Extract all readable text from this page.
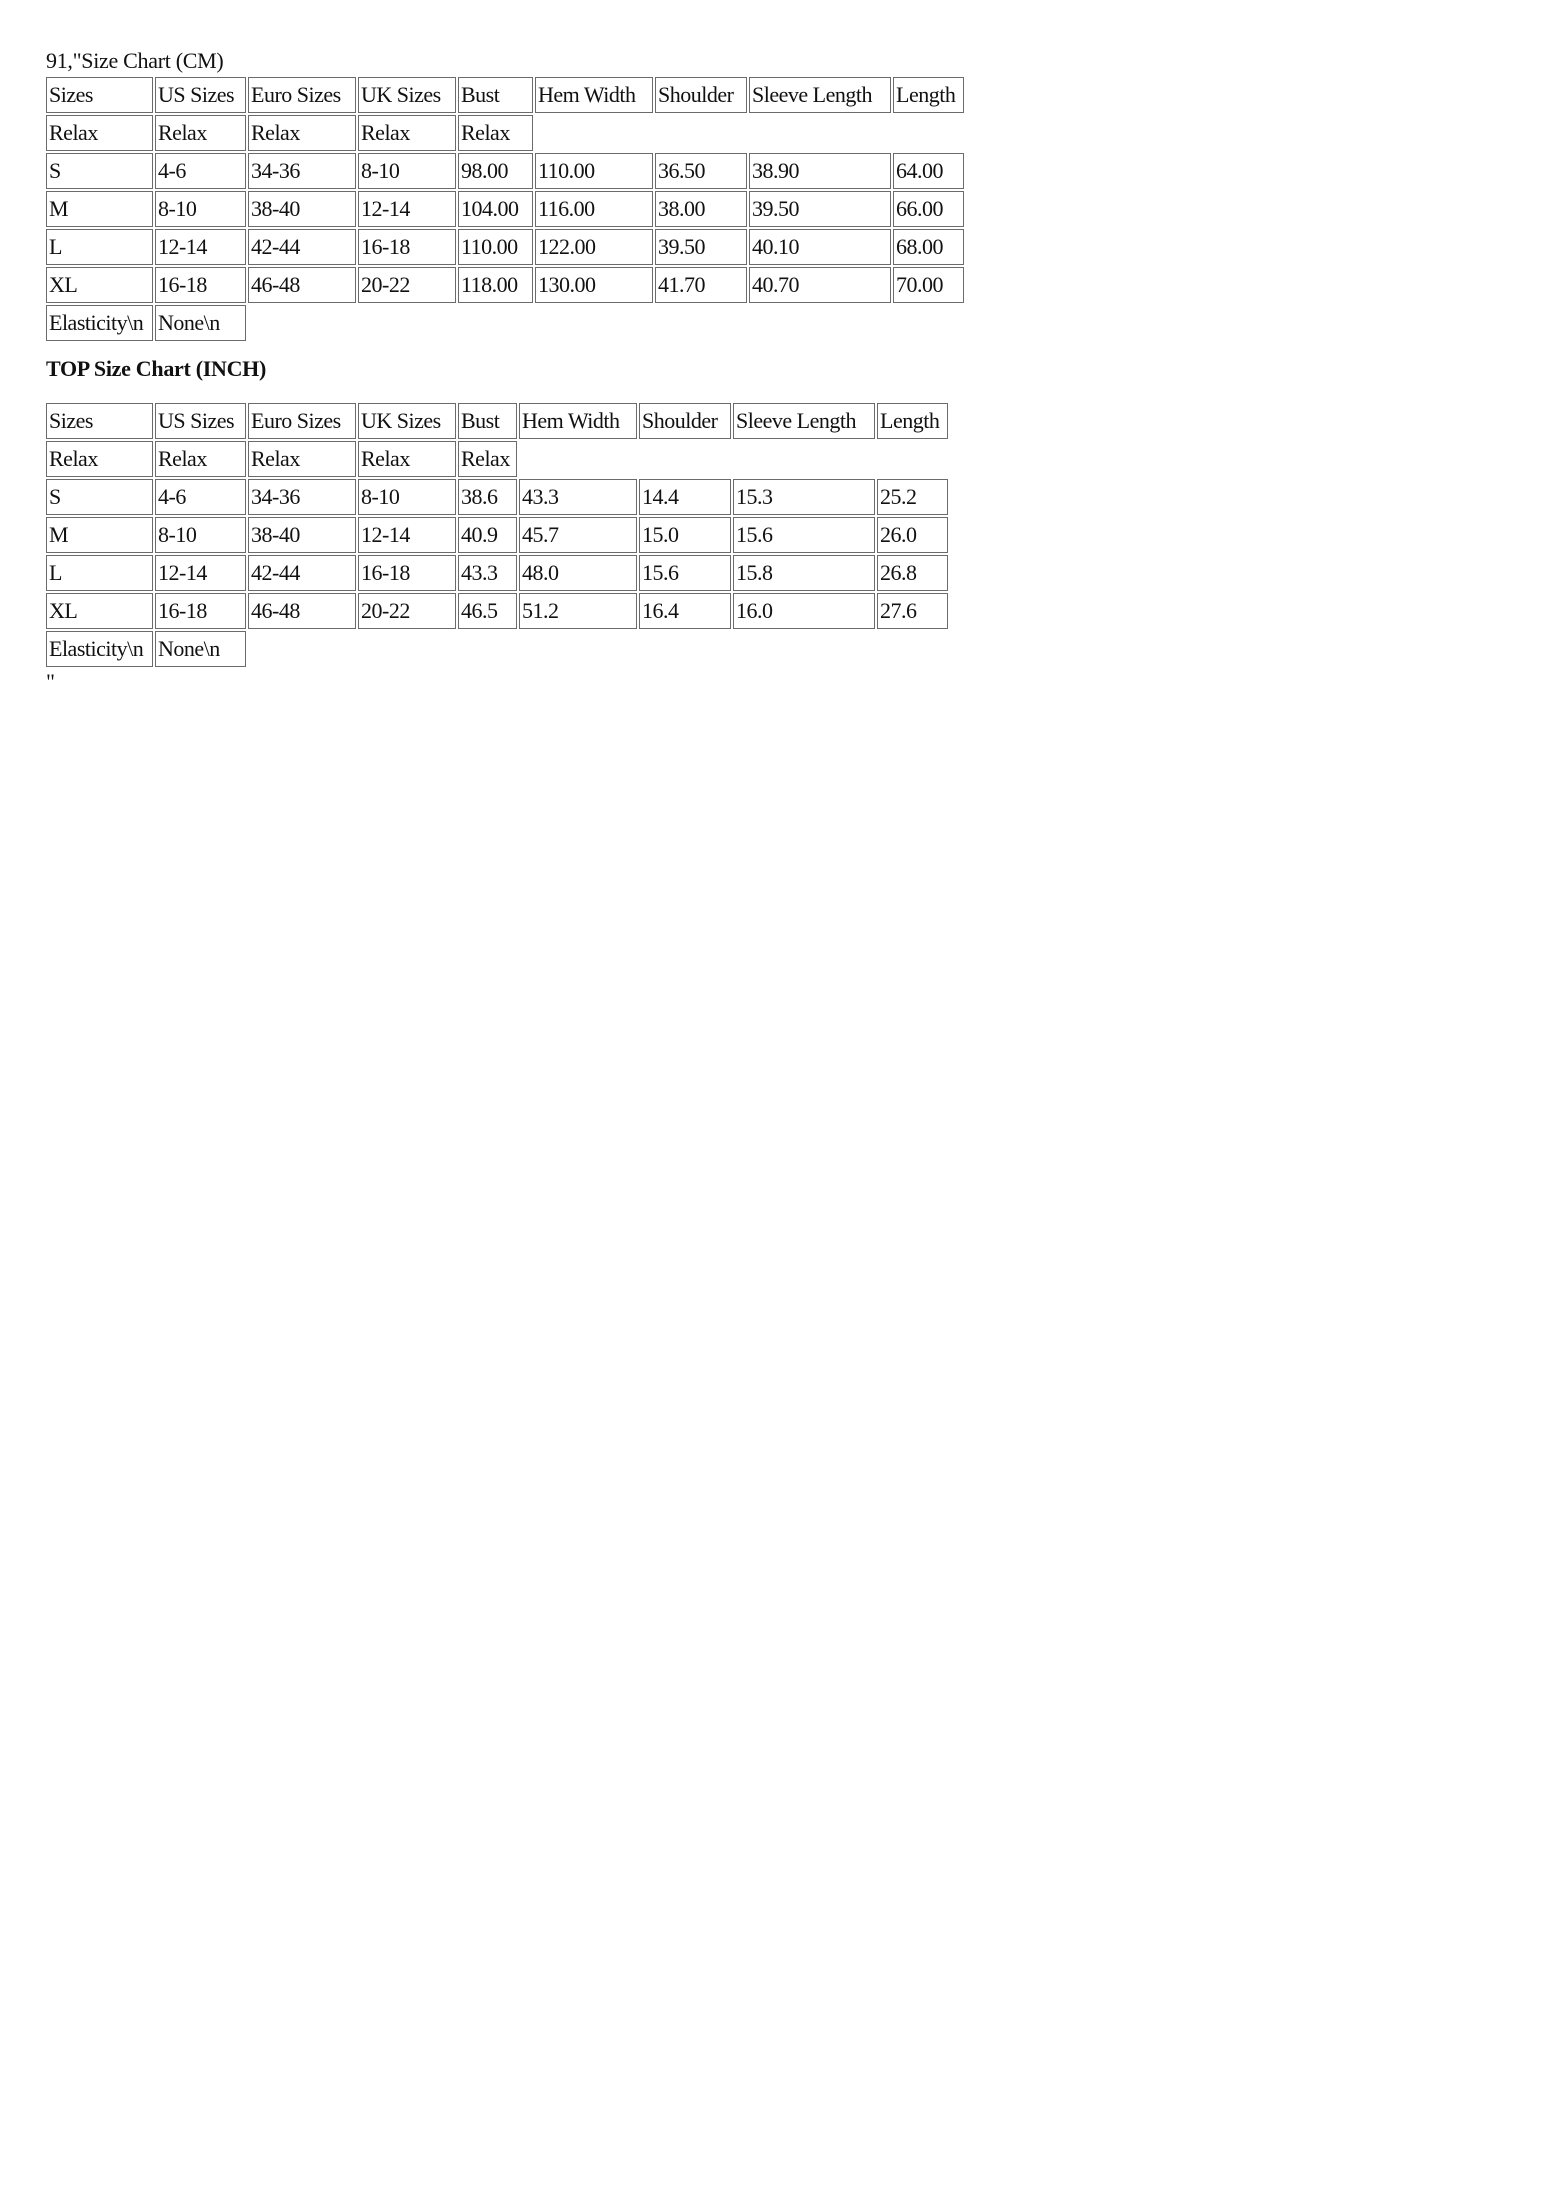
91,"Size Chart (CM)
Sizes	US Sizes	Euro Sizes	UK Sizes	Bust	Hem Width	Shoulder	Sleeve Length	Length
Relax	Relax	Relax	Relax	Relax				
S	4-6	34-36	8-10	98.00	110.00	36.50	38.90	64.00
M	8-10	38-40	12-14	104.00	116.00	38.00	39.50	66.00
L	12-14	42-44	16-18	110.00	122.00	39.50	40.10	68.00
XL	16-18	46-48	20-22	118.00	130.00	41.70	40.70	70.00
Elasticity\n	None\n							
TOP Size Chart (INCH)
Sizes	US Sizes	Euro Sizes	UK Sizes	Bust	Hem Width	Shoulder	Sleeve Length	Length
Relax	Relax	Relax	Relax	Relax				
S	4-6	34-36	8-10	38.6	43.3	14.4	15.3	25.2
M	8-10	38-40	12-14	40.9	45.7	15.0	15.6	26.0
L	12-14	42-44	16-18	43.3	48.0	15.6	15.8	26.8
XL	16-18	46-48	20-22	46.5	51.2	16.4	16.0	27.6
Elasticity\n	None\n							
"
